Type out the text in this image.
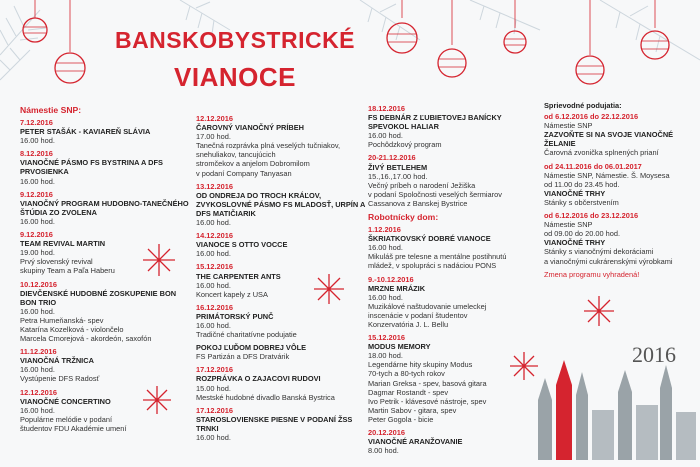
BANSKOBYSTRICKÉ
VIANOCE
2016
Námestie SNP:
7.12.2016
PETER STAŠÁK - KAVIAREŇ SLÁVIA
16.00 hod.
8.12.2016
VIANOČNÉ PÁSMO FS BYSTRINA A DFS PRVOSIENKA
16.00 hod.
9.12.2016
VIANOČNÝ PROGRAM HUDOBNO-TANEČNÉHO ŠTÚDIA ZO ZVOLENA
16.00 hod.
9.12.2016
TEAM REVIVAL MARTIN
19.00 hod.
Prvý slovenský revival
skupiny Team a Paľa Haberu
10.12.2016
DIEVČENSKÉ HUDOBNÉ ZOSKUPENIE BON BON TRIO
16.00 hod.
Petra Humeňanská- spev
Katarína Kozelková - violončelo
Marcela Cmorejová - akordeón, saxofón
11.12.2016
VIANOČNÁ TRŽNICA
16.00 hod.
Vystúpenie DFS Radosť
12.12.2016
VIANOČNÉ CONCERTINO
16.00 hod.
Populárne melódie v podaní
študentov FDU Akadémie umení
12.12.2016
ČAROVNÝ VIANOČNÝ PRÍBEH
17.00 hod.
Tanečná rozprávka plná veselých tučniakov,
snehuliakov, tancujúcich
stromčekov a anjelom Dobromilom
v podaní Company Tanyasan
13.12.2016
OD ONDREJA DO TROCH KRÁĽOV, ZVYKOSLOVNÉ PÁSMO FS MLADOSŤ, URPÍN A DFS MATIČIARIK
16.00 hod.
14.12.2016
VIANOCE S OTTO VOCCE
16.00 hod.
15.12.2016
THE CARPENTER ANTS
16.00 hod.
Koncert kapely z USA
16.12.2016
PRIMÁTORSKÝ PUNČ
16.00 hod.
Tradičné charitatívne podujatie
POKOJ ĽUĎOM DOBREJ VÔLE
FS Partizán a DFS Dratvárik
17.12.2016
ROZPRÁVKA O ZAJACOVI RUDOVI
15.00 hod.
Mestské hudobné divadlo Banská Bystrica
17.12.2016
STAROSLOVIENSKE PIESNE V PODANÍ ŽSS TRNKI
16.00 hod.
18.12.2016
FS DEBNÁR Z ĽUBIETOVEJ BANÍCKY SPEVOKOL HALIAR
16.00 hod.
Pochôdzkový program
20-21.12.2016
ŽIVÝ BETLEHEM
15.,16.,17.00 hod.
Večný príbeh o narodení Ježiška
v podaní Spoločnosti veselých šermiarov
Cassanova z Banskej Bystrice
Robotnícky dom:
1.12.2016
ŠKRIATKOVSKÝ DOBRÉ VIANOCE
16.00 hod.
Mikuláš pre telesne a mentálne postihnutú
mládež, v spolupráci s nadáciou PONS
9.-10.12.2016
MRZNE MRÁZIK
16.00 hod.
Muzikálové naštudovanie umeleckej
inscenácie v podaní študentov
Konzervatória J. L. Bellu
15.12.2016
MODUS MEMORY
18.00 hod.
Legendárne hity skupiny Modus
70-tych a 80-tych rokov
Marian Greksa - spev, basová gitara
Dagmar Rostandt - spev
Ivo Petrik - klávesové nástroje, spev
Martin Sabov - gitara, spev
Peter Gogola - bicie
20.12.2016
VIANOČNÉ ARANŽOVANIE
8.00 hod.
Sprievodné podujatia:
od 6.12.2016 do 22.12.2016
Námestie SNP
ZAZVOŇTE SI NA SVOJE VIANOČNÉ ŽELANIE
Čarovná zvonička splnených prianí
od 24.11.2016 do 06.01.2017
Námestie SNP, Námestie. Š. Moysesa
od 11.00 do 23.45 hod.
VIANOČNÉ TRHY
Stánky s občerstvením
od 6.12.2016 do 23.12.2016
Námestie SNP
od 09.00 do 20.00 hod.
VIANOČNÉ TRHY
Stánky s vianočnými dekoráciami
a vianočnými cukrárenskými výrobkami
Zmena programu vyhradená!
